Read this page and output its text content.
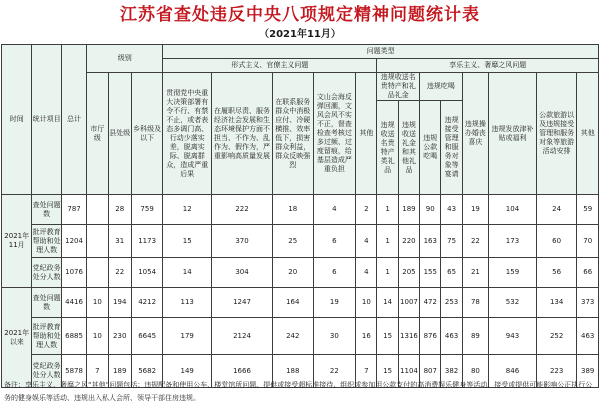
江苏省查处违反中央八项规定精神问题统计表
（2021年11月）
时间	统计项目	总计	级别			问题类型												
						形式主义、官僚主义问题					享乐主义、奢靡之风问题							
			市厅级	县处级	乡科级及以下	贯彻党中央重大决策部署有令不行、有禁不止，或者表态多调门高、行动少落实差，脱离实际、脱离群众，造成严重后果	在履职尽责、服务经济社会发展和生态环境保护方面不担当、不作为、乱作为、假作为，严重影响高质量发展	在联系服务群众中消极应付、冷硬横推、效率低下，损害群众利益，群众反映强烈	文山会海反弹回潮，文风会风不实不正，督查检查考核过多过频、过度留痕，给基层造成严重负担	其他	违规收送名贵特产和礼品礼金		违规吃喝		违规操办婚丧喜庆	违规发放津补贴或福利	公款旅游以及违规接受管理和服务对象等旅游活动安排	其他
											违规收送名贵特产类礼品	违规收送礼金和其他礼品	违规公款吃喝	违规接受管理和服务对象等宴请				
2021年11月	查处问题数	787		28	759	12	222	18	4	2	1	189	90	43	19	104	24	59
	批评教育帮助和处理人数	1204		31	1173	15	370	25	6	4	1	220	163	75	22	173	60	70
	党纪政务处分人数	1076		22	1054	14	304	20	6	4	1	205	155	65	21	159	56	66
2021年以来	查处问题数	4416	10	194	4212	113	1247	164	19	10	14	1007	472	253	78	532	134	373
	批评教育帮助和处理人数	6885	10	230	6645	179	2124	242	30	16	15	1316	876	463	89	943	252	463
	党纪政务处分人数	5878	7	189	5682	149	1666	188	22	7	15	1104	807	382	80	846	223	389
备注：享乐主义、奢靡之风“其他”问题包括：违规配备和使用公车、楼堂馆所问题、提供或接受超标准接待、组织或参加用公款支付的高消费娱乐健身等活动、接受或提供可能影响公正执行公务的健身娱乐等活动、违规出入私人会所、领导干部住房违规。
